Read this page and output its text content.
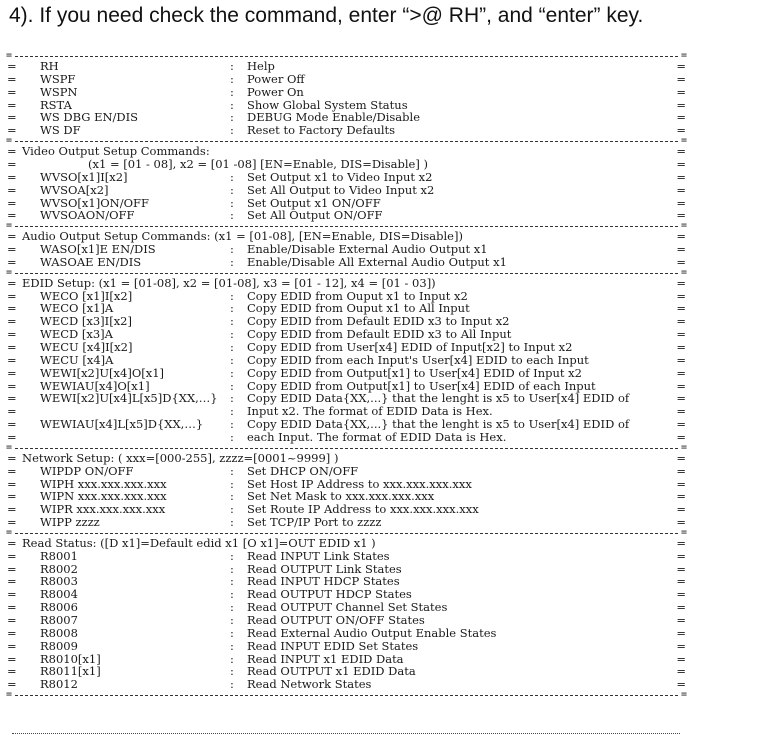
4). If you need check the command, enter “>@ RH”, and “enter” key.
=	=
= RH	: Help	=
= WSPF	: Power Off	=
= WSPN	: Power On	=
= RSTA	: Show Global System Status	=
= WS DBG EN/DIS	: DEBUG Mode Enable/Disable	=
= WS DF	: Reset to Factory Defaults	=
=	=
= Video Output Setup Commands:	=
=	(x1 = [01 - 08], x2 = [01 -08] [EN=Enable, DIS=Disable] )	=
= WVSO[x1]I[x2]	: Set Output x1 to Video Input x2	=
= WVSOA[x2]	: Set All Output to Video Input x2	=
= WVSO[x1]ON/OFF	: Set Output x1 ON/OFF	=
= WVSOAON/OFF	: Set All Output ON/OFF	=
=	=
= Audio Output Setup Commands: (x1 = [01-08], [EN=Enable, DIS=Disable])	=
= WASO[x1]E EN/DIS	: Enable/Disable External Audio Output x1	=
= WASOAE EN/DIS	: Enable/Disable All External Audio Output x1	=
=	=
= EDID Setup: (x1 = [01-08], x2 = [01-08], x3 = [01 - 12], x4 = [01 - 03])	=
= WECO [x1]I[x2]	: Copy EDID from Ouput x1 to Input x2	=
= WECO [x1]A	: Copy EDID from Ouput x1 to All Input	=
= WECD [x3]I[x2]	: Copy EDID from Default EDID x3 to Input x2	=
= WECD [x3]A	: Copy EDID from Default EDID x3 to All Input	=
= WECU [x4]I[x2]	: Copy EDID from User[x4] EDID of Input[x2] to Input x2	=
= WECU [x4]A	: Copy EDID from each Input's User[x4] EDID to each Input	=
= WEWI[x2]U[x4]O[x1]	: Copy EDID from Output[x1] to User[x4] EDID of Input x2	=
= WEWIAU[x4]O[x1]	: Copy EDID from Output[x1] to User[x4] EDID of each Input	=
= WEWI[x2]U[x4]L[x5]D{XX,…} : Copy EDID Data{XX,...} that the lenght is x5 to User[x4] EDID of	=
=	: Input x2. The format of EDID Data is Hex.	=
= WEWIAU[x4]L[x5]D{XX,…} : Copy EDID Data{XX,...} that the lenght is x5 to User[x4] EDID of	=
=	: each Input. The format of EDID Data is Hex.	=
=	=
= Network Setup: ( xxx=[000-255], zzzz=[0001~9999] )	=
= WIPDP ON/OFF	: Set DHCP ON/OFF	=
= WIPH xxx.xxx.xxx.xxx	: Set Host IP Address to xxx.xxx.xxx.xxx	=
= WIPN xxx.xxx.xxx.xxx	: Set Net Mask to xxx.xxx.xxx.xxx	=
= WIPR xxx.xxx.xxx.xxx	: Set Route IP Address to xxx.xxx.xxx.xxx	=
= WIPP zzzz	: Set TCP/IP Port to zzzz	=
=	=
= Read Status: ([D x1]=Default edid x1 [O x1]=OUT EDID x1 )	=
= R8001	: Read INPUT Link States	=
= R8002	: Read OUTPUT Link States	=
= R8003	: Read INPUT HDCP States	=
= R8004	: Read OUTPUT HDCP States	=
= R8006	: Read OUTPUT Channel Set States	=
= R8007	: Read OUTPUT ON/OFF States	=
= R8008	: Read External Audio Output Enable States	=
= R8009	: Read INPUT EDID Set States	=
= R8010[x1]	: Read INPUT x1 EDID Data	=
= R8011[x1]	: Read OUTPUT x1 EDID Data	=
= R8012	: Read Network States	=
=	=
